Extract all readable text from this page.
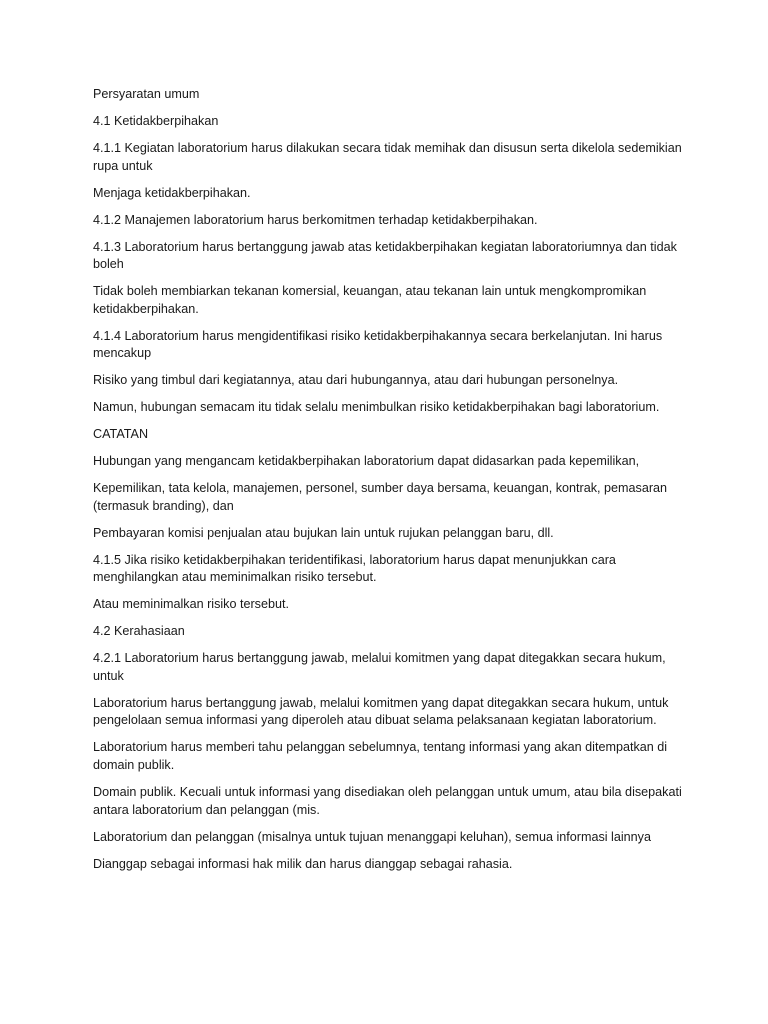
Persyaratan umum

4.1 Ketidakberpihakan

4.1.1 Kegiatan laboratorium harus dilakukan secara tidak memihak dan disusun serta dikelola sedemikian rupa untuk

Menjaga ketidakberpihakan.

4.1.2 Manajemen laboratorium harus berkomitmen terhadap ketidakberpihakan.

4.1.3 Laboratorium harus bertanggung jawab atas ketidakberpihakan kegiatan laboratoriumnya dan tidak boleh

Tidak boleh membiarkan tekanan komersial, keuangan, atau tekanan lain untuk mengkompromikan ketidakberpihakan.

4.1.4 Laboratorium harus mengidentifikasi risiko ketidakberpihakannya secara berkelanjutan. Ini harus mencakup

Risiko yang timbul dari kegiatannya, atau dari hubungannya, atau dari hubungan personelnya.

Namun, hubungan semacam itu tidak selalu menimbulkan risiko ketidakberpihakan bagi laboratorium.

CATATAN

Hubungan yang mengancam ketidakberpihakan laboratorium dapat didasarkan pada kepemilikan,

Kepemilikan, tata kelola, manajemen, personel, sumber daya bersama, keuangan, kontrak, pemasaran (termasuk branding), dan

Pembayaran komisi penjualan atau bujukan lain untuk rujukan pelanggan baru, dll.

4.1.5 Jika risiko ketidakberpihakan teridentifikasi, laboratorium harus dapat menunjukkan cara menghilangkan atau meminimalkan risiko tersebut.

Atau meminimalkan risiko tersebut.

4.2 Kerahasiaan

4.2.1 Laboratorium harus bertanggung jawab, melalui komitmen yang dapat ditegakkan secara hukum, untuk

Laboratorium harus bertanggung jawab, melalui komitmen yang dapat ditegakkan secara hukum, untuk pengelolaan semua informasi yang diperoleh atau dibuat selama pelaksanaan kegiatan laboratorium.

Laboratorium harus memberi tahu pelanggan sebelumnya, tentang informasi yang akan ditempatkan di domain publik.

Domain publik. Kecuali untuk informasi yang disediakan oleh pelanggan untuk umum, atau bila disepakati antara laboratorium dan pelanggan (mis.

Laboratorium dan pelanggan (misalnya untuk tujuan menanggapi keluhan), semua informasi lainnya

Dianggap sebagai informasi hak milik dan harus dianggap sebagai rahasia.
